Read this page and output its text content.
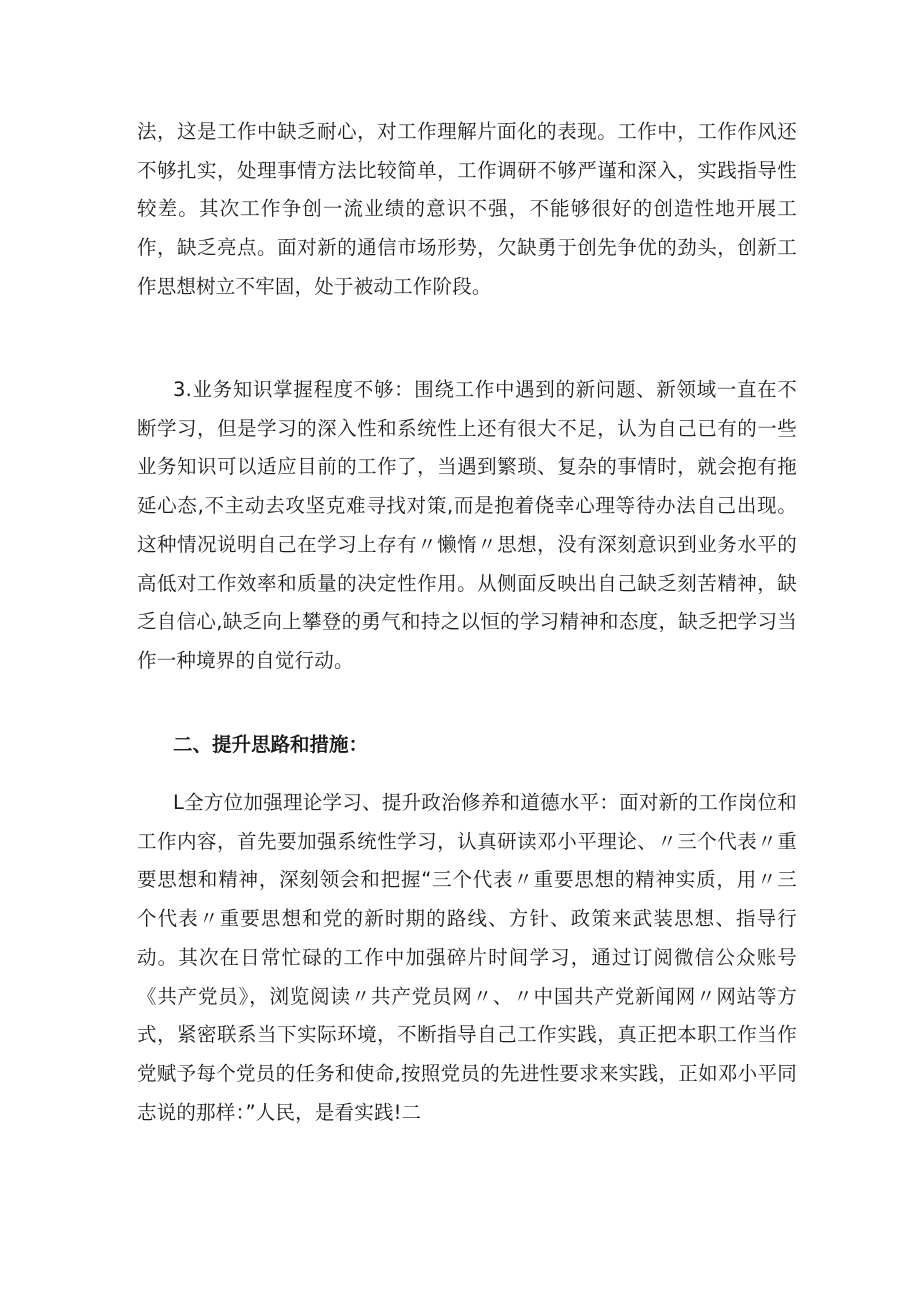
法，这是工作中缺乏耐心，对工作理解片面化的表现。工作中，工作作风还不够扎实，处理事情方法比较简单，工作调研不够严谨和深入，实践指导性较差。其次工作争创一流业绩的意识不强，不能够很好的创造性地开展工作，缺乏亮点。面对新的通信市场形势，欠缺勇于创先争优的劲头，创新工作思想树立不牢固，处于被动工作阶段。

3.业务知识掌握程度不够：围绕工作中遇到的新问题、新领域一直在不断学习，但是学习的深入性和系统性上还有很大不足，认为自己已有的一些业务知识可以适应目前的工作了，当遇到繁琐、复杂的事情时，就会抱有拖延心态,不主动去攻坚克难寻找对策,而是抱着侥幸心理等待办法自己出现。这种情况说明自己在学习上存有〃懒惰〃思想，没有深刻意识到业务水平的高低对工作效率和质量的决定性作用。从侧面反映出自己缺乏刻苦精神，缺乏自信心,缺乏向上攀登的勇气和持之以恒的学习精神和态度，缺乏把学习当作一种境界的自觉行动。

二、提升思路和措施：

L全方位加强理论学习、提升政治修养和道德水平：面对新的工作岗位和工作内容，首先要加强系统性学习，认真研读邓小平理论、〃三个代表〃重要思想和精神，深刻领会和把握“三个代表〃重要思想的精神实质，用〃三个代表〃重要思想和党的新时期的路线、方针、政策来武装思想、指导行动。其次在日常忙碌的工作中加强碎片时间学习，通过订阅微信公众账号《共产党员》，浏览阅读〃共产党员网〃、〃中国共产党新闻网〃网站等方式，紧密联系当下实际环境，不断指导自己工作实践，真正把本职工作当作党赋予每个党员的任务和使命,按照党员的先进性要求来实践，正如邓小平同志说的那样：”人民，是看实践!二
